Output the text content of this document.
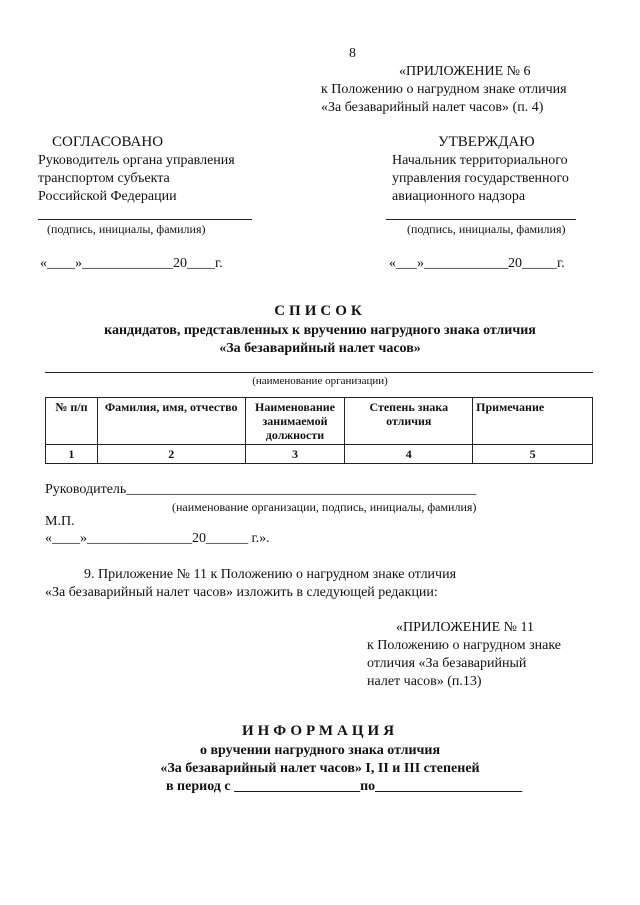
8
«ПРИЛОЖЕНИЕ № 6
к Положению о нагрудном знаке отличия
«За безаварийный налет часов» (п. 4)
СОГЛАСОВАНО
Руководитель органа управления
транспортом субъекта
Российской Федерации
(подпись, инициалы, фамилия)
«____»_____________20____г.
УТВЕРЖДАЮ
Начальник территориального
управления государственного
авиационного надзора
(подпись, инициалы, фамилия)
«___»____________20_____г.
СПИСОК
кандидатов, представленных к вручению нагрудного знака отличия
«За безаварийный налет часов»
(наименование организации)
№ п/п	Фамилия, имя, отчество	Наименование занимаемой должности	Степень знака отличия	Примечание
1	2	3	4	5
Руководитель__________________________________________________
(наименование организации, подпись, инициалы, фамилия)
М.П.
«____»_______________20______ г.».
9. Приложение № 11 к Положению о нагрудном знаке отличия
«За безаварийный налет часов» изложить в следующей редакции:
«ПРИЛОЖЕНИЕ № 11
к Положению о нагрудном знаке
отличия «За безаварийный
налет часов» (п.13)
ИНФОРМАЦИЯ
о вручении нагрудного знака отличия
«За безаварийный налет часов» I, II и III степеней
в период с __________________по_____________________
